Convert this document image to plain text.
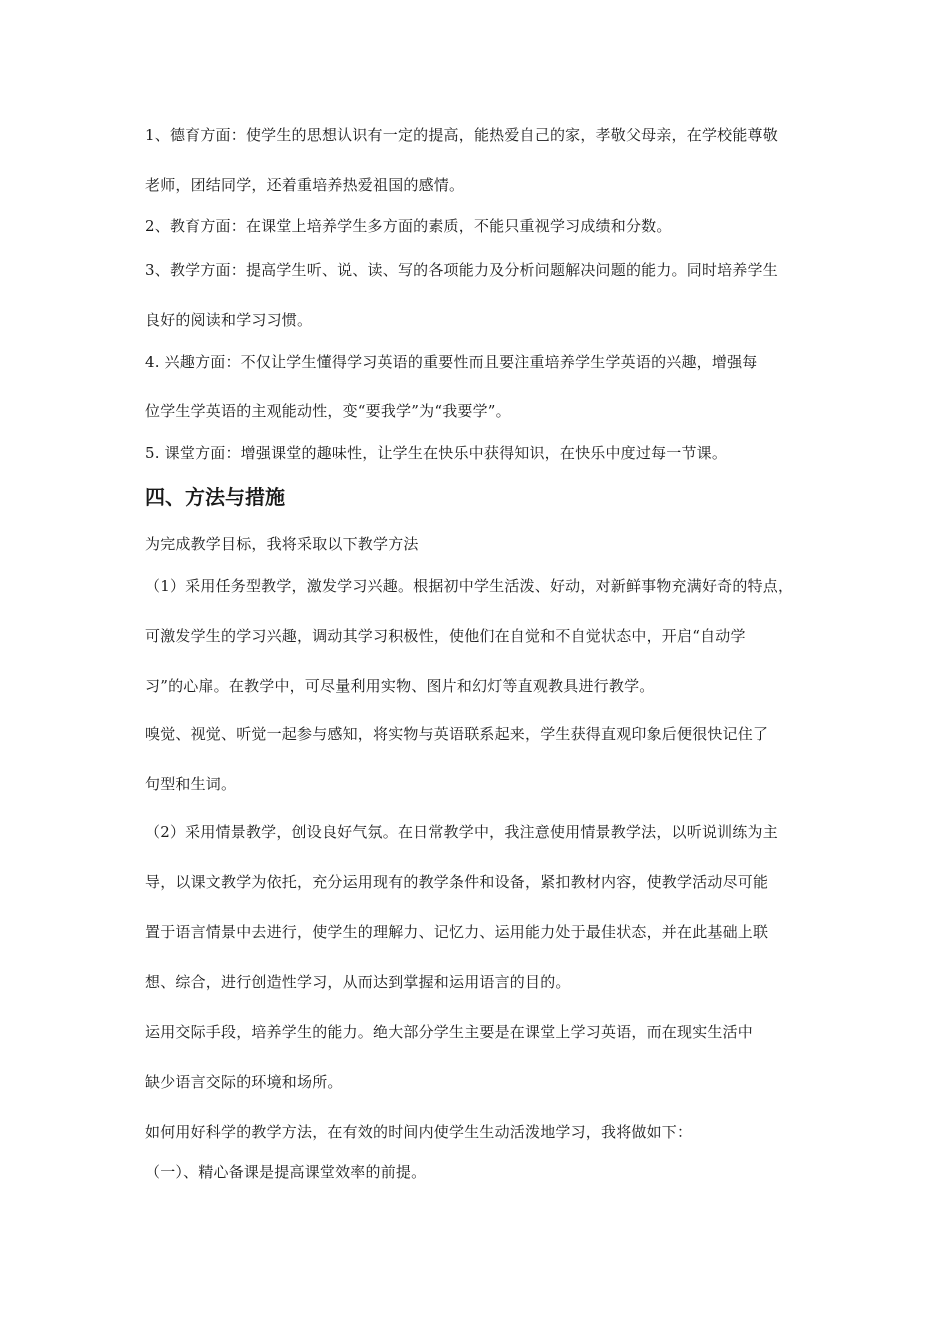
1、德育方面：使学生的思想认识有一定的提高，能热爱自己的家，孝敬父母亲，在学校能尊敬
老师，团结同学，还着重培养热爱祖国的感情。
2、教育方面：在课堂上培养学生多方面的素质，不能只重视学习成绩和分数。
3、教学方面：提高学生听、说、读、写的各项能力及分析问题解决问题的能力。同时培养学生
良好的阅读和学习习惯。
4. 兴趣方面：不仅让学生懂得学习英语的重要性而且要注重培养学生学英语的兴趣，增强每
位学生学英语的主观能动性，变“要我学”为“我要学”。
5. 课堂方面：增强课堂的趣味性，让学生在快乐中获得知识，在快乐中度过每一节课。
四、方法与措施
为完成教学目标，我将采取以下教学方法
（1）采用任务型教学，激发学习兴趣。根据初中学生活泼、好动，对新鲜事物充满好奇的特点，
可激发学生的学习兴趣，调动其学习积极性，使他们在自觉和不自觉状态中，开启“自动学
习”的心扉。在教学中，可尽量利用实物、图片和幻灯等直观教具进行教学。
嗅觉、视觉、听觉一起参与感知，将实物与英语联系起来，学生获得直观印象后便很快记住了
句型和生词。
（2）采用情景教学，创设良好气氛。在日常教学中，我注意使用情景教学法，以听说训练为主
导，以课文教学为依托，充分运用现有的教学条件和设备，紧扣教材内容，使教学活动尽可能
置于语言情景中去进行，使学生的理解力、记忆力、运用能力处于最佳状态，并在此基础上联
想、综合，进行创造性学习，从而达到掌握和运用语言的目的。
运用交际手段，培养学生的能力。绝大部分学生主要是在课堂上学习英语，而在现实生活中
缺少语言交际的环境和场所。
如何用好科学的教学方法，在有效的时间内使学生生动活泼地学习，我将做如下：
（一）、精心备课是提高课堂效率的前提。
